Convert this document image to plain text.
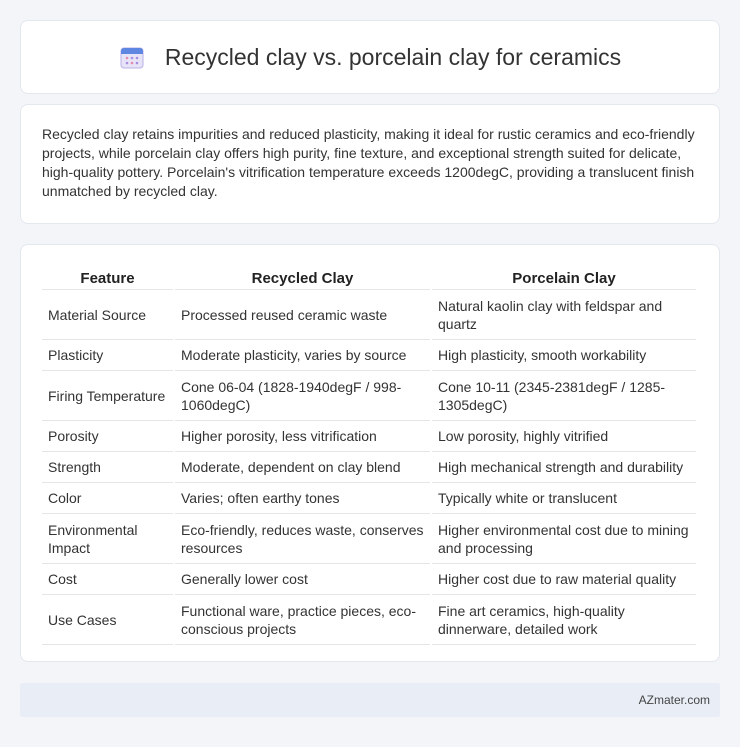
Recycled clay vs. porcelain clay for ceramics

Recycled clay retains impurities and reduced plasticity, making it ideal for rustic ceramics and eco-friendly projects, while porcelain clay offers high purity, fine texture, and exceptional strength suited for delicate, high-quality pottery. Porcelain's vitrification temperature exceeds 1200degC, providing a translucent finish unmatched by recycled clay.

Feature	Recycled Clay	Porcelain Clay
Material Source	Processed reused ceramic waste	Natural kaolin clay with feldspar and quartz
Plasticity	Moderate plasticity, varies by source	High plasticity, smooth workability
Firing Temperature	Cone 06-04 (1828-1940degF / 998-1060degC)	Cone 10-11 (2345-2381degF / 1285-1305degC)
Porosity	Higher porosity, less vitrification	Low porosity, highly vitrified
Strength	Moderate, dependent on clay blend	High mechanical strength and durability
Color	Varies; often earthy tones	Typically white or translucent
Environmental Impact	Eco-friendly, reduces waste, conserves resources	Higher environmental cost due to mining and processing
Cost	Generally lower cost	Higher cost due to raw material quality
Use Cases	Functional ware, practice pieces, eco-conscious projects	Fine art ceramics, high-quality dinnerware, detailed work
AZmater.com
